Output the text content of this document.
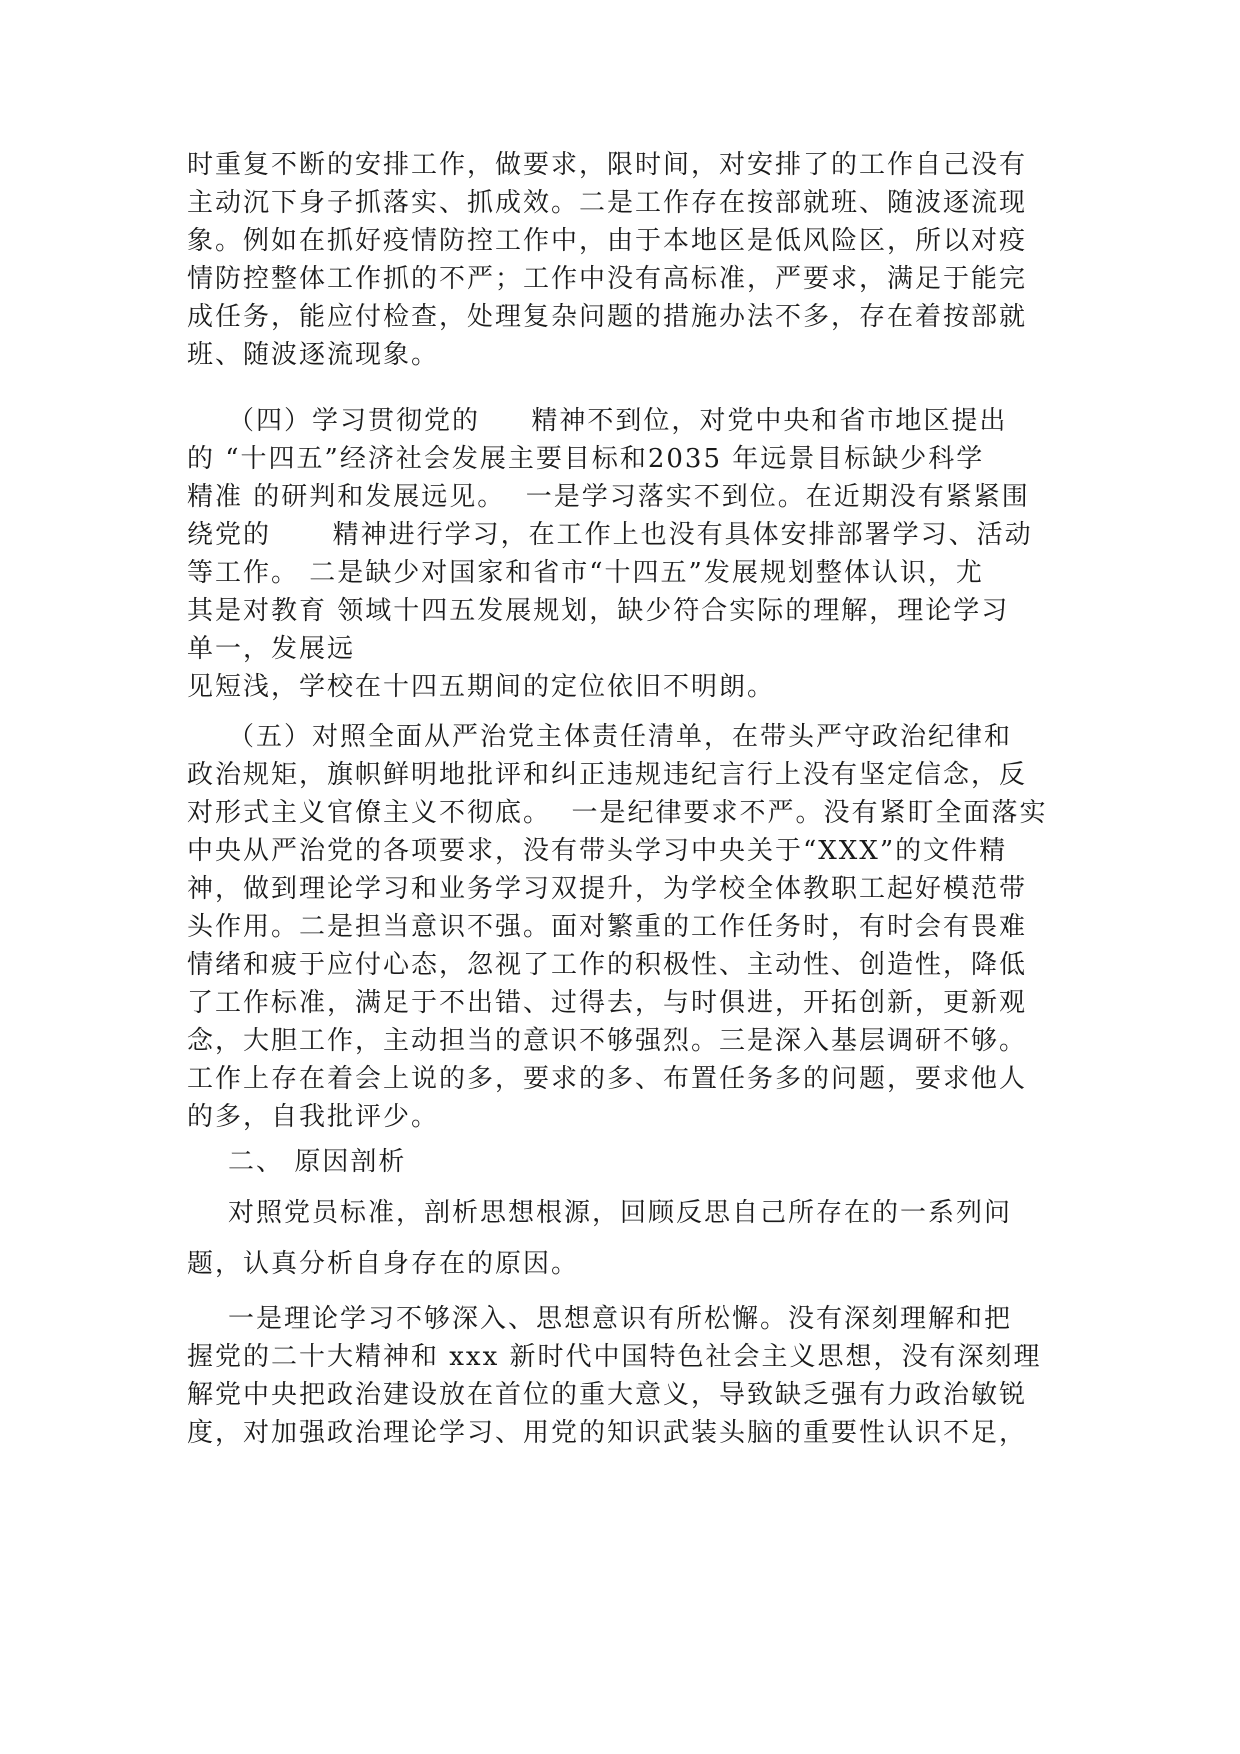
时重复不断的安排工作，做要求，限时间，对安排了的工作自己没有
主动沉下身子抓落实、抓成效。二是工作存在按部就班、随波逐流现
象。例如在抓好疫情防控工作中，由于本地区是低风险区，所以对疫
情防控整体工作抓的不严；工作中没有高标准，严要求，满足于能完
成任务，能应付检查，处理复杂问题的措施办法不多，存在着按部就
班、随波逐流现象。
（四）学习贯彻党的     精神不到位，对党中央和省市地区提出
的 “十四五”经济社会发展主要目标和2035 年远景目标缺少科学
精准 的研判和发展远见。  一是学习落实不到位。在近期没有紧紧围
绕党的      精神进行学习，在工作上也没有具体安排部署学习、活动
等工作。 二是缺少对国家和省市“十四五”发展规划整体认识，尤
其是对教育 领域十四五发展规划，缺少符合实际的理解，理论学习
单一，发展远
见短浅，学校在十四五期间的定位依旧不明朗。
（五）对照全面从严治党主体责任清单，在带头严守政治纪律和
政治规矩，旗帜鲜明地批评和纠正违规违纪言行上没有坚定信念，反
对形式主义官僚主义不彻底。  一是纪律要求不严。没有紧盯全面落实
中央从严治党的各项要求，没有带头学习中央关于“XXX”的文件精
神，做到理论学习和业务学习双提升，为学校全体教职工起好模范带
头作用。二是担当意识不强。面对繁重的工作任务时，有时会有畏难
情绪和疲于应付心态，忽视了工作的积极性、主动性、创造性，降低
了工作标准，满足于不出错、过得去，与时俱进，开拓创新，更新观
念，大胆工作，主动担当的意识不够强烈。三是深入基层调研不够。
工作上存在着会上说的多，要求的多、布置任务多的问题，要求他人
的多，自我批评少。
二、 原因剖析
对照党员标准，剖析思想根源，回顾反思自己所存在的一系列问
题，认真分析自身存在的原因。
一是理论学习不够深入、思想意识有所松懈。没有深刻理解和把
握党的二十大精神和 xxx 新时代中国特色社会主义思想，没有深刻理
解党中央把政治建设放在首位的重大意义，导致缺乏强有力政治敏锐
度，对加强政治理论学习、用党的知识武装头脑的重要性认识不足，
